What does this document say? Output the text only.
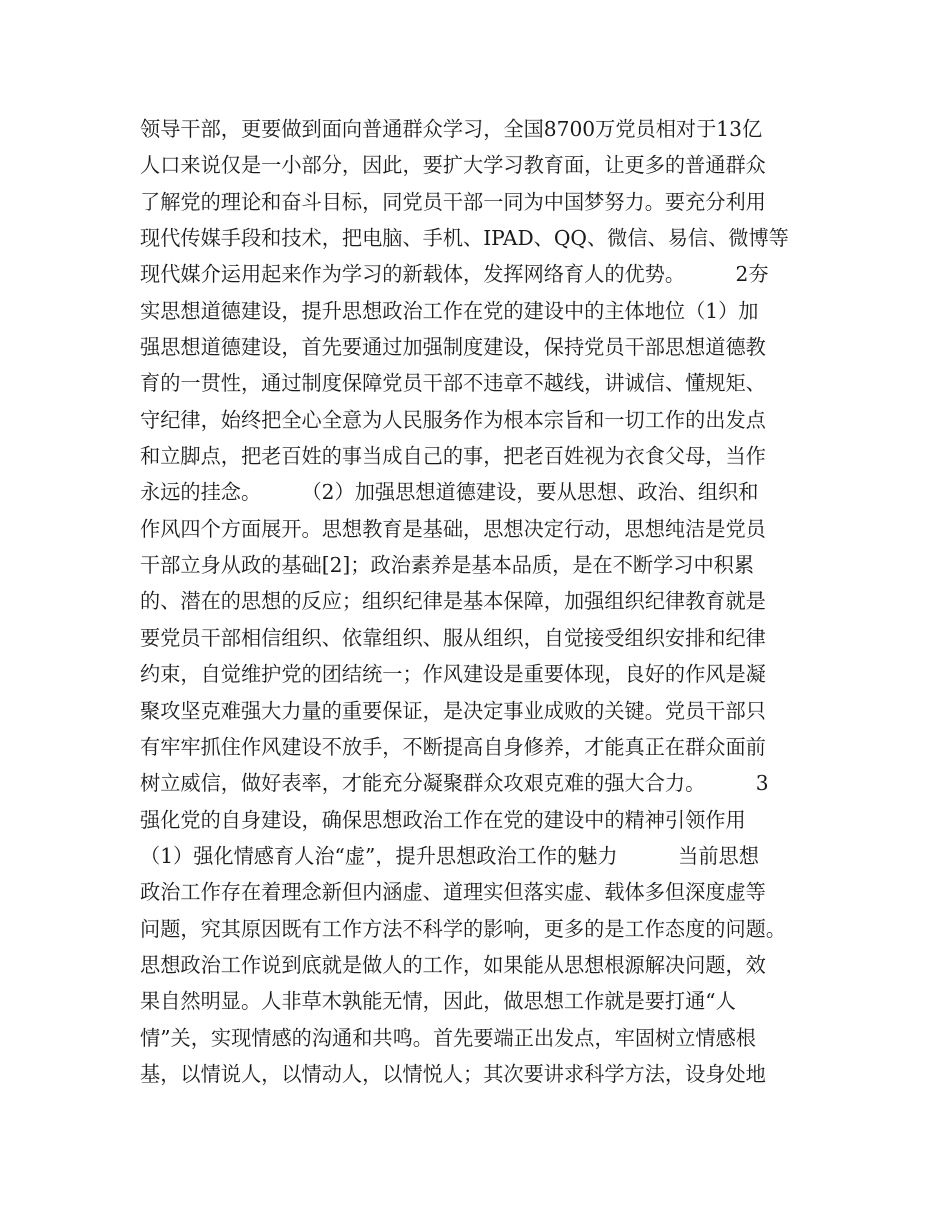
领导干部，更要做到面向普通群众学习，全国8700万党员相对于13亿
人口来说仅是一小部分，因此，要扩大学习教育面，让更多的普通群众
了解党的理论和奋斗目标，同党员干部一同为中国梦努力。要充分利用
现代传媒手段和技术，把电脑、手机、IPAD、QQ、微信、易信、微博等
现代媒介运用起来作为学习的新载体，发挥网络育人的优势。　　　2夯
实思想道德建设，提升思想政治工作在党的建设中的主体地位（1）加
强思想道德建设，首先要通过加强制度建设，保持党员干部思想道德教
育的一贯性，通过制度保障党员干部不违章不越线，讲诚信、懂规矩、
守纪律，始终把全心全意为人民服务作为根本宗旨和一切工作的出发点
和立脚点，把老百姓的事当成自己的事，把老百姓视为衣食父母，当作
永远的挂念。　　　（2）加强思想道德建设，要从思想、政治、组织和
作风四个方面展开。思想教育是基础，思想决定行动，思想纯洁是党员
干部立身从政的基础[2]；政治素养是基本品质，是在不断学习中积累
的、潜在的思想的反应；组织纪律是基本保障，加强组织纪律教育就是
要党员干部相信组织、依靠组织、服从组织，自觉接受组织安排和纪律
约束，自觉维护党的团结统一；作风建设是重要体现，良好的作风是凝
聚攻坚克难强大力量的重要保证，是决定事业成败的关键。党员干部只
有牢牢抓住作风建设不放手，不断提高自身修养，才能真正在群众面前
树立威信，做好表率，才能充分凝聚群众攻艰克难的强大合力。　　　3
强化党的自身建设，确保思想政治工作在党的建设中的精神引领作用
（1）强化情感育人治“虚”，提升思想政治工作的魅力　　　当前思想
政治工作存在着理念新但内涵虚、道理实但落实虚、载体多但深度虚等
问题，究其原因既有工作方法不科学的影响，更多的是工作态度的问题。
思想政治工作说到底就是做人的工作，如果能从思想根源解决问题，效
果自然明显。人非草木孰能无情，因此，做思想工作就是要打通“人
情”关，实现情感的沟通和共鸣。首先要端正出发点，牢固树立情感根
基，以情说人，以情动人，以情悦人；其次要讲求科学方法，设身处地
